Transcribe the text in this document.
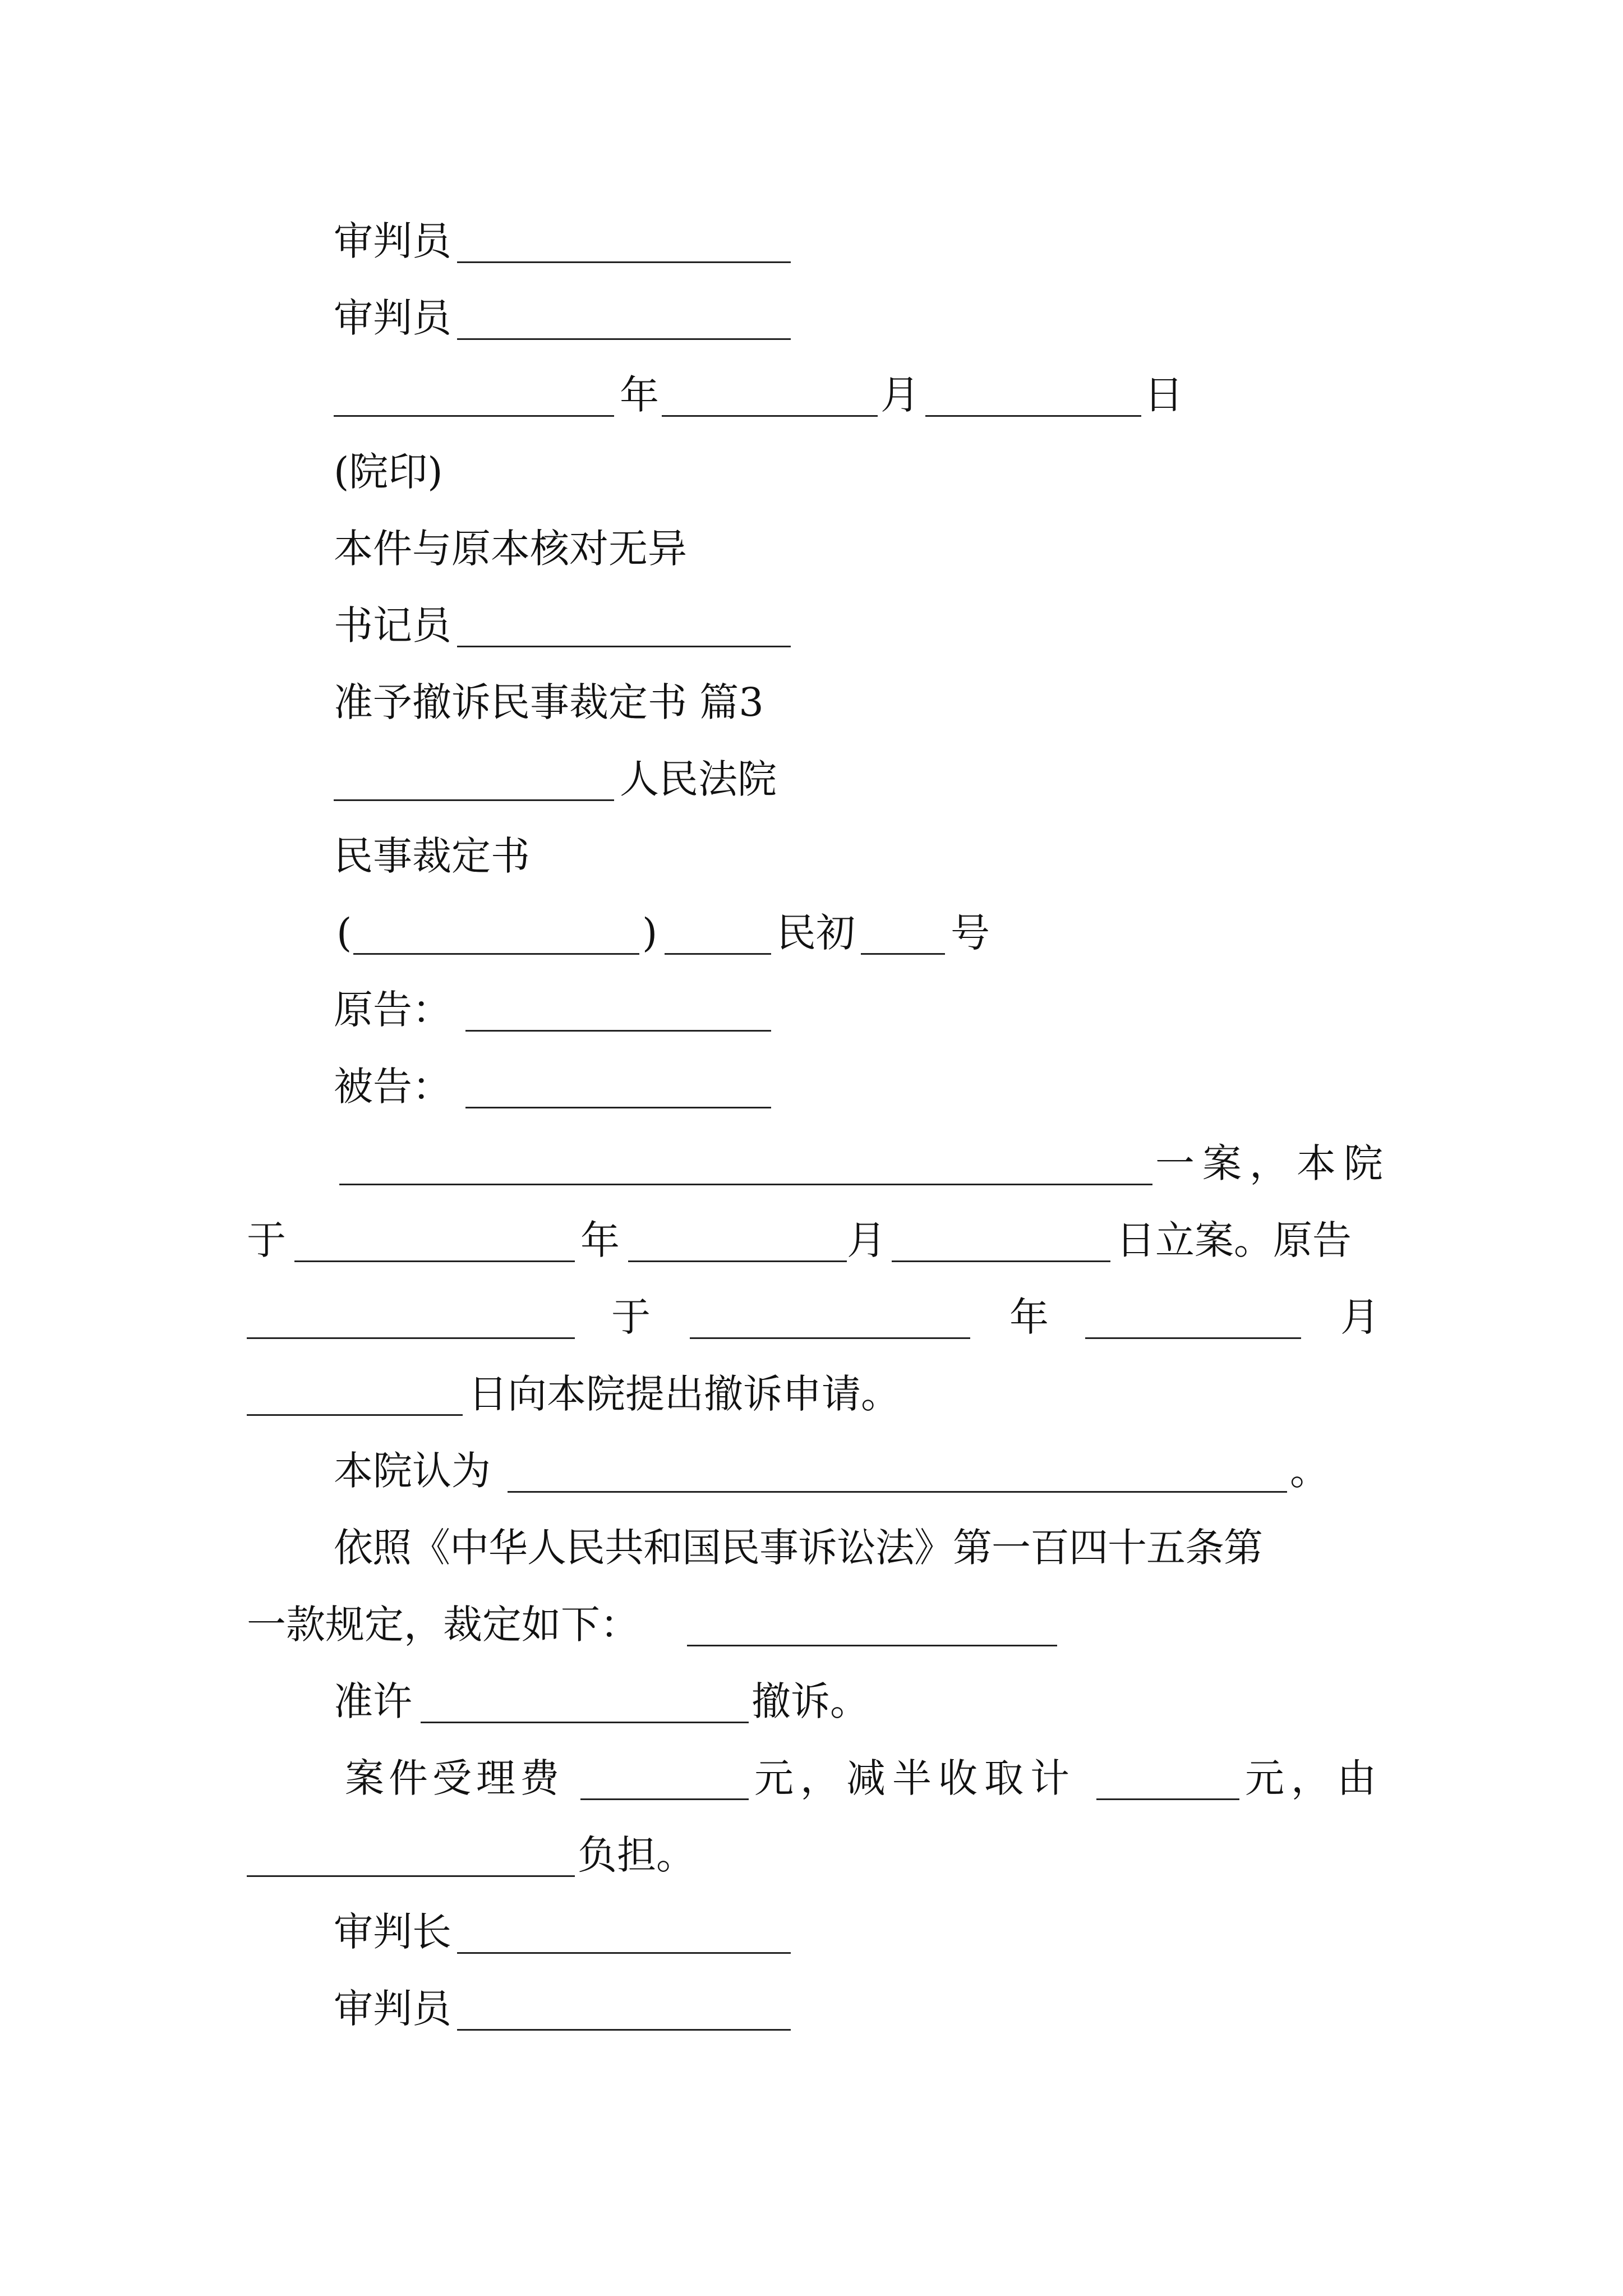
审判员
审判员
年	月	日
(院印)
本件与原本核对无异
书记员
准予撤诉民事裁定书 篇3
人民法院
民事裁定书
(	)	民初 号
原告：
被告：
一案，本院
于	年	月	日立案。原告
于	年	月
日向本院提出撤诉申请。
本院认为	。
依照《中华人民共和国民事诉讼法》第一百四十五条第
一款规定，裁定如下：
准许	撤诉。
案件受理费	元，减半收取计	元，由
负担。
审判长
审判员
